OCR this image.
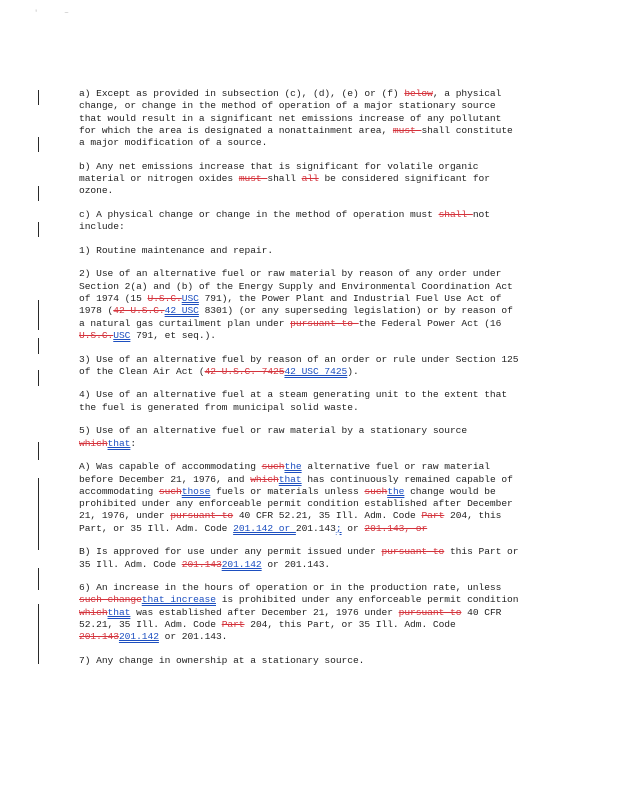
'	~

a) Except as provided in subsection (c), (d), (e) or (f) below, a physical change, or change in the method of operation of a major stationary source that would result in a significant net emissions increase of any pollutant for which the area is designated a nonattainment area, must shall constitute a major modification of a source.

b) Any net emissions increase that is significant for volatile organic material or nitrogen oxides must shall all be considered significant for ozone.

c) A physical change or change in the method of operation must shall not include:

1) Routine maintenance and repair.

2) Use of an alternative fuel or raw material by reason of any order under Section 2(a) and (b) of the Energy Supply and Environmental Coordination Act of 1974 (15 U.S.C.USC 791), the Power Plant and Industrial Fuel Use Act of 1978 (42 U.S.C.42 USC 8301) (or any superseding legislation) or by reason of a natural gas curtailment plan under pursuant to the Federal Power Act (16 U.S.C.USC 791, et seq.).

3) Use of an alternative fuel by reason of an order or rule under Section 125 of the Clean Air Act (42 U.S.C. 742542 USC 7425).

4) Use of an alternative fuel at a steam generating unit to the extent that the fuel is generated from municipal solid waste.

5) Use of an alternative fuel or raw material by a stationary source whichthat:

A) Was capable of accommodating suchthe alternative fuel or raw material before December 21, 1976, and whichthat has continuously remained capable of accommodating suchthose fuels or materials unless suchthe change would be prohibited under any enforceable permit condition established after December 21, 1976, under pursuant to 40 CFR 52.21, 35 Ill. Adm. Code Part 204, this Part, or 35 Ill. Adm. Code 201.142 or 201.143; or 201.143, or

B) Is approved for use under any permit issued under pursuant to this Part or 35 Ill. Adm. Code 201.143201.142 or 201.143.

6) An increase in the hours of operation or in the production rate, unless such changethat increase is prohibited under any enforceable permit condition whichthat was established after December 21, 1976 under pursuant to 40 CFR 52.21, 35 Ill. Adm. Code Part 204, this Part, or 35 Ill. Adm. Code 201.143201.142 or 201.143.

7) Any change in ownership at a stationary source.
